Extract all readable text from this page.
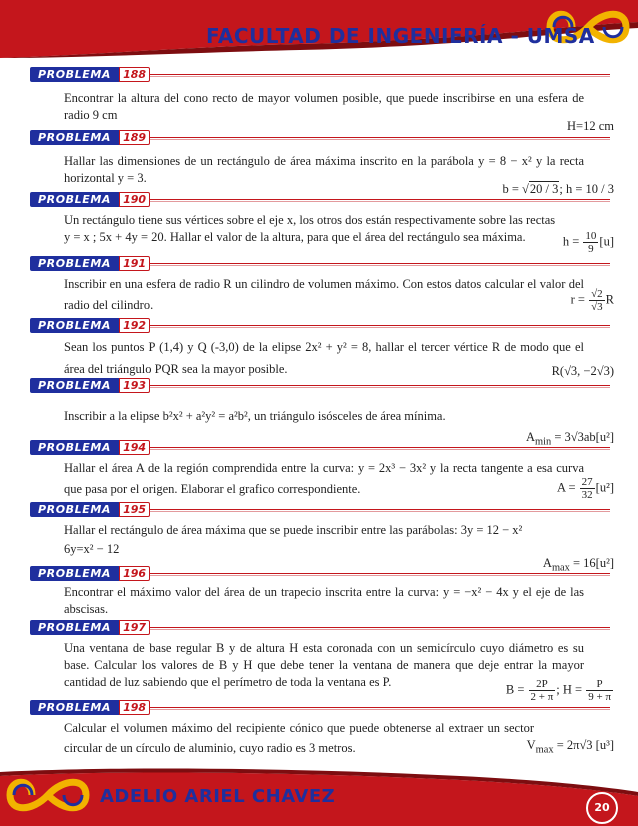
FACULTAD DE INGENIERÍA - UMSA
PROBLEMA	188
Encontrar la altura del cono recto de mayor volumen posible, que puede inscribirse en una esfera de radio 9 cm
H=12 cm
PROBLEMA	189
Hallar las dimensiones de un rectángulo de área máxima inscrito en la parábola y = 8 − x² y la recta horizontal y = 3.
b = √20 / 3; h = 10 / 3
PROBLEMA	190
Un rectángulo tiene sus vértices sobre el eje x, los otros dos están respectivamente sobre las rectas
y = x ; 5x + 4y = 20. Hallar el valor de la altura, para que el área del rectángulo sea máxima.	$h = \frac{10}{9} [u]$
PROBLEMA	191
Inscribir en una esfera de radio R un cilindro de volumen máximo. Con estos datos calcular el valor del radio del cilindro.	$r = \frac{√2}{√3}$ R
PROBLEMA	192
Sean los puntos P (1,4) y Q (-3,0) de la elipse 2x² + y² = 8, hallar el tercer vértice R de modo que el área del triángulo PQR sea la mayor posible.	R(√3, −2√3)
PROBLEMA	193
Inscribir a la elipse b²x² + a²y² = a²b², un triángulo isósceles de área mínima.
$A_{min} = 3√3ab[u^2]$
PROBLEMA	194
Hallar el área A de la región comprendida entre la curva: y = 2x³ − 3x² y la recta tangente a esa curva que pasa por el origen. Elaborar el grafico correspondiente.	$A = \frac{27}{32} [u^2]$
PROBLEMA	195
Hallar el rectángulo de área máxima que se puede inscribir entre las parábolas: 3y = 12 − x²
6y=x² − 12
$A_{max} = 16[u^2]$
PROBLEMA	196
Encontrar el máximo valor del área de un trapecio inscrita entre la curva: y = −x² − 4x y el eje de las abscisas.
PROBLEMA	197
Una ventana de base regular B y de altura H esta coronada con un semicírculo cuyo diámetro es su base. Calcular los valores de B y H que debe tener la ventana de manera que deje entrar la mayor cantidad de luz sabiendo que el perímetro de toda la ventana es P.
$B = \frac{2P}{2 + \pi}$ ; $H = \frac{P}{9 + \pi}$
PROBLEMA	198
Calcular el volumen máximo del recipiente cónico que puede obtenerse al extraer un sector circular de un círculo de aluminio, cuyo radio es 3 metros.	$V_{max} = 2\pi√3$ [u³]
ADELIO ARIEL CHAVEZ
20
